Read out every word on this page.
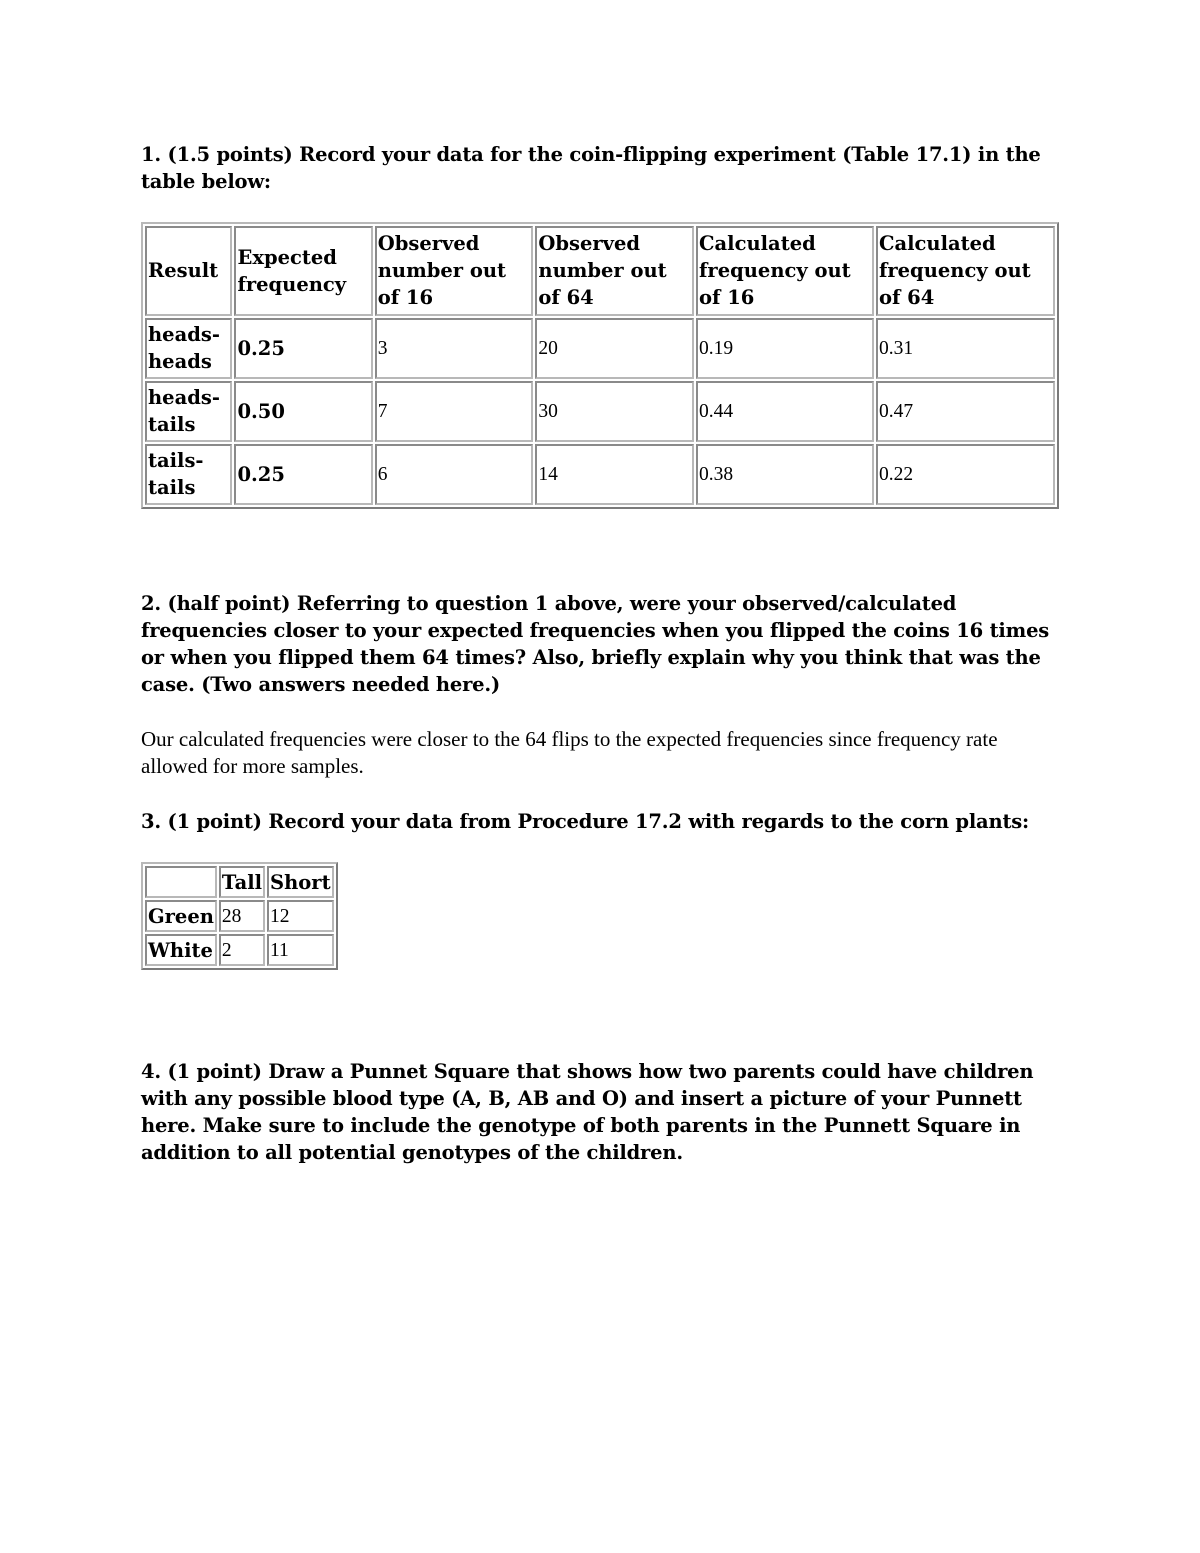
1. (1.5 points) Record your data for the coin-flipping experiment (Table 17.1) in the table below:

Result	Expected frequency	Observed number out of 16	Observed number out of 64	Calculated frequency out of 16	Calculated frequency out of 64
heads-heads	0.25	3	20	0.19	0.31
heads-tails	0.50	7	30	0.44	0.47
tails-tails	0.25	6	14	0.38	0.22

2. (half point) Referring to question 1 above, were your observed/calculated frequencies closer to your expected frequencies when you flipped the coins 16 times or when you flipped them 64 times? Also, briefly explain why you think that was the case. (Two answers needed here.)

Our calculated frequencies were closer to the 64 flips to the expected frequencies since frequency rate allowed for more samples.

3. (1 point) Record your data from Procedure 17.2 with regards to the corn plants:

	Tall	Short
Green	28	12
White	2	11

4. (1 point) Draw a Punnet Square that shows how two parents could have children with any possible blood type (A, B, AB and O) and insert a picture of your Punnett here. Make sure to include the genotype of both parents in the Punnett Square in addition to all potential genotypes of the children.
